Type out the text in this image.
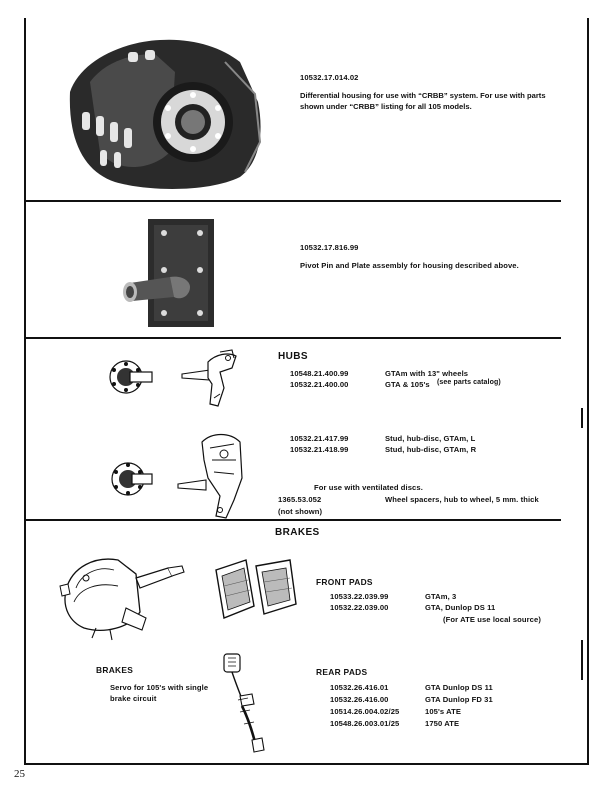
10532.17.014.02
Differential housing for use with “CRBB” system. For use with parts shown under “CRBB” listing for all 105 models.
10532.17.816.99
Pivot Pin and Plate assembly for housing described above.
HUBS
10548.21.400.99	GTAm with 13" wheels
10532.21.400.00	GTA & 105's (see parts catalog)
10532.21.417.99	Stud, hub-disc, GTAm, L
10532.21.418.99	Stud, hub-disc, GTAm, R
For use with ventilated discs.
1365.53.052	Wheel spacers, hub to wheel, 5 mm. thick
(not shown)
BRAKES
FRONT PADS
10533.22.039.99	GTAm, 3
10532.22.039.00	GTA, Dunlop DS 11
(For ATE use local source)
BRAKES
Servo for 105's with single brake circuit
REAR PADS
10532.26.416.01	GTA Dunlop DS 11
10532.26.416.00	GTA Dunlop FD 31
10514.26.004.02/25	105's ATE
10548.26.003.01/25	1750 ATE
25
